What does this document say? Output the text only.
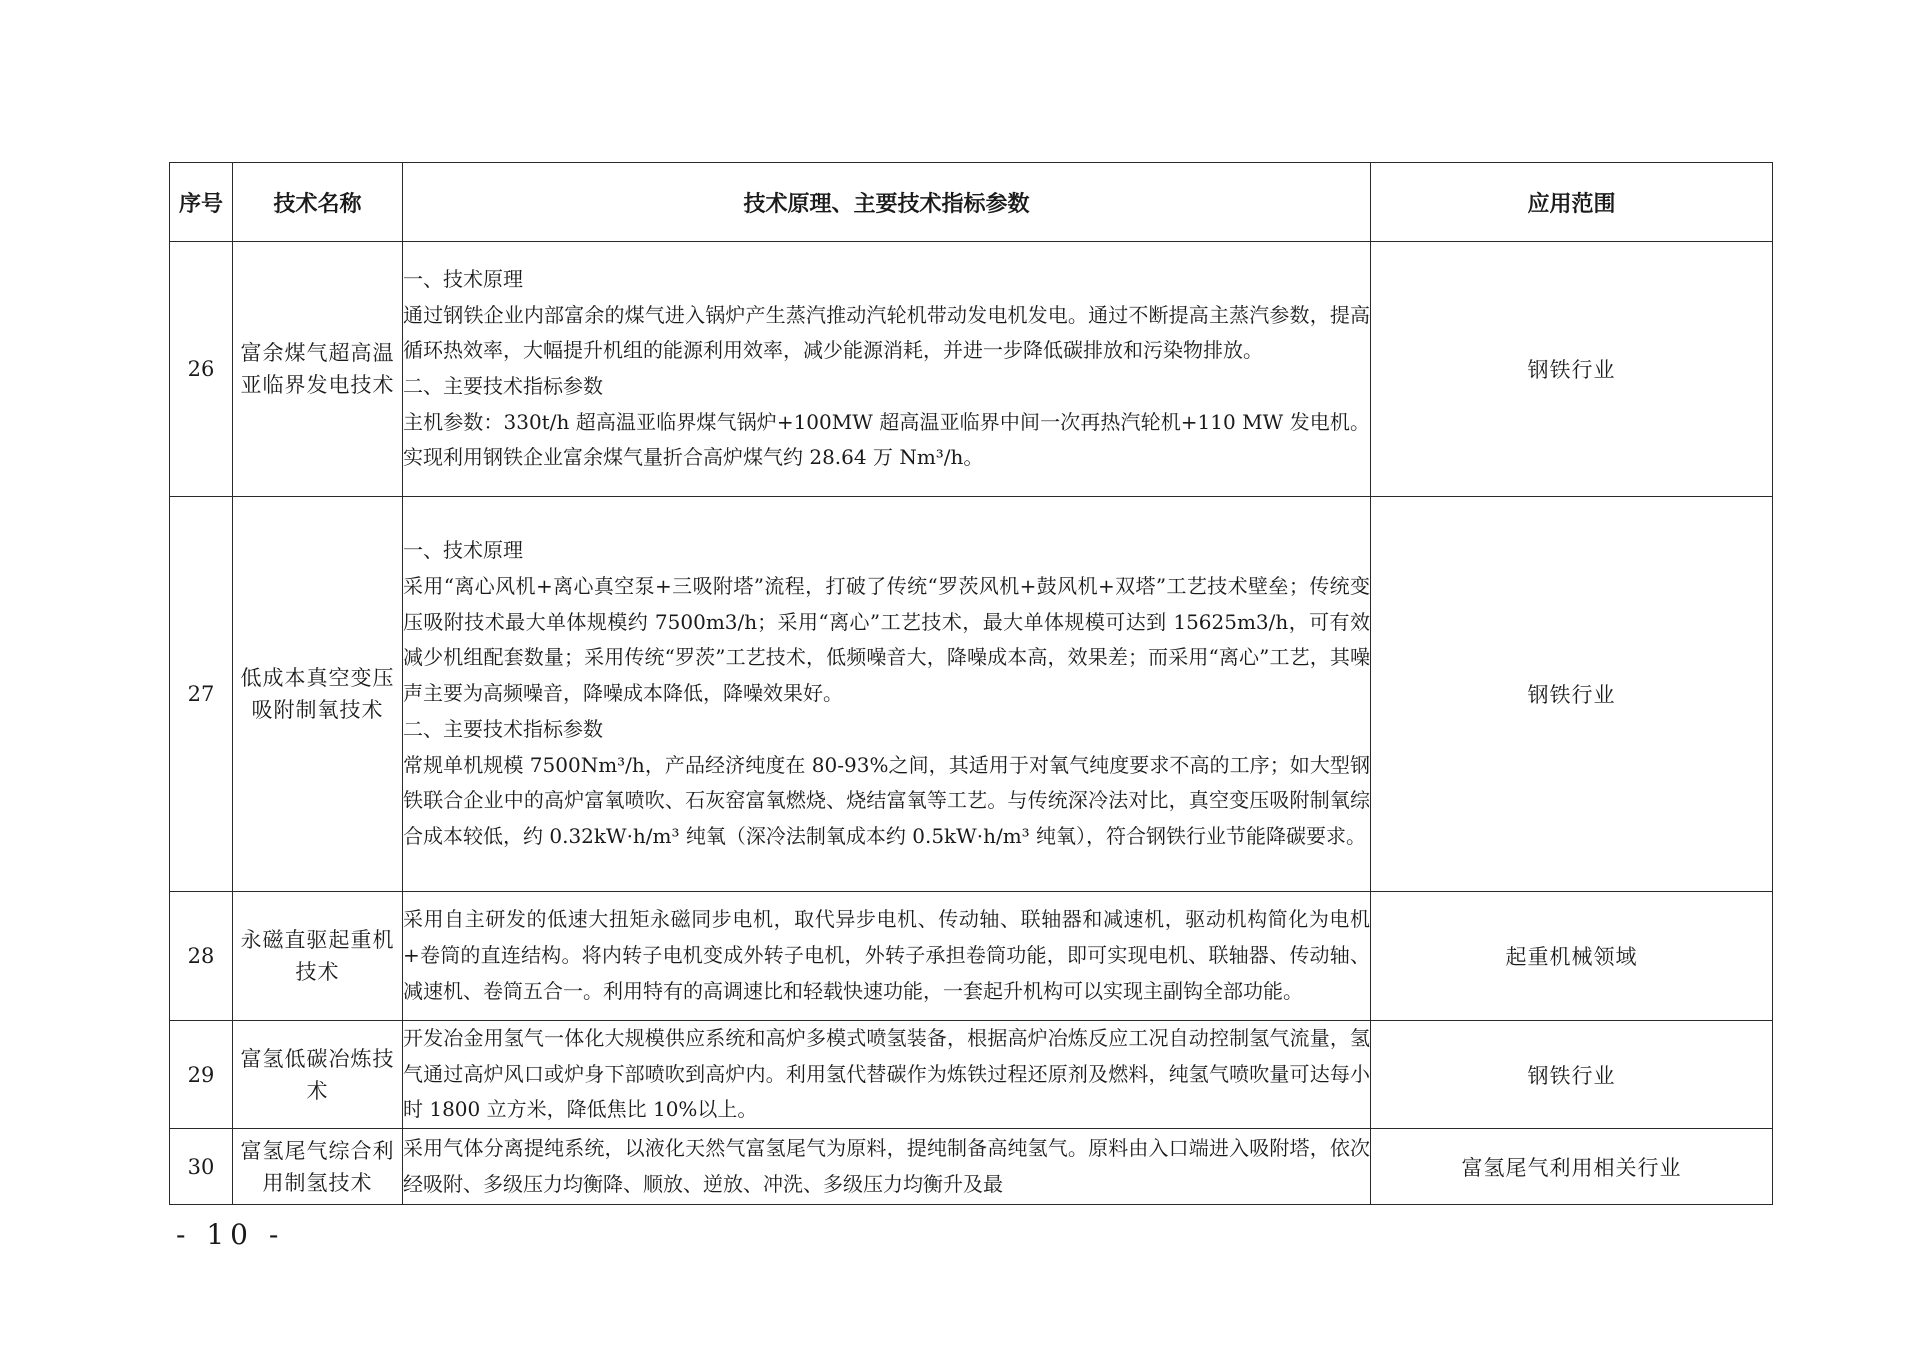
序号	技术名称	技术原理、主要技术指标参数	应用范围
26	富余煤气超高温亚临界发电技术	一、技术原理
通过钢铁企业内部富余的煤气进入锅炉产生蒸汽推动汽轮机带动发电机发电。通过不断提高主蒸汽参数，提高循环热效率，大幅提升机组的能源利用效率，减少能源消耗，并进一步降低碳排放和污染物排放。
二、主要技术指标参数
主机参数：330t/h 超高温亚临界煤气锅炉+100MW 超高温亚临界中间一次再热汽轮机+110 MW 发电机。实现利用钢铁企业富余煤气量折合高炉煤气约 28.64 万 Nm³/h。	钢铁行业
27	低成本真空变压吸附制氧技术	一、技术原理
采用“离心风机+离心真空泵+三吸附塔”流程，打破了传统“罗茨风机+鼓风机+双塔”工艺技术壁垒；传统变压吸附技术最大单体规模约 7500m3/h；采用“离心”工艺技术，最大单体规模可达到 15625m3/h，可有效减少机组配套数量；采用传统“罗茨”工艺技术，低频噪音大，降噪成本高，效果差；而采用“离心”工艺，其噪声主要为高频噪音，降噪成本降低，降噪效果好。
二、主要技术指标参数
常规单机规模 7500Nm³/h，产品经济纯度在 80-93%之间，其适用于对氧气纯度要求不高的工序；如大型钢铁联合企业中的高炉富氧喷吹、石灰窑富氧燃烧、烧结富氧等工艺。与传统深冷法对比，真空变压吸附制氧综合成本较低，约 0.32kW·h/m³ 纯氧（深冷法制氧成本约 0.5kW·h/m³ 纯氧），符合钢铁行业节能降碳要求。	钢铁行业
28	永磁直驱起重机技术	采用自主研发的低速大扭矩永磁同步电机，取代异步电机、传动轴、联轴器和减速机，驱动机构简化为电机+卷筒的直连结构。将内转子电机变成外转子电机，外转子承担卷筒功能，即可实现电机、联轴器、传动轴、减速机、卷筒五合一。利用特有的高调速比和轻载快速功能，一套起升机构可以实现主副钩全部功能。	起重机械领域
29	富氢低碳冶炼技术	开发冶金用氢气一体化大规模供应系统和高炉多模式喷氢装备，根据高炉冶炼反应工况自动控制氢气流量，氢气通过高炉风口或炉身下部喷吹到高炉内。利用氢代替碳作为炼铁过程还原剂及燃料，纯氢气喷吹量可达每小时 1800 立方米，降低焦比 10%以上。	钢铁行业
30	富氢尾气综合利用制氢技术	采用气体分离提纯系统，以液化天然气富氢尾气为原料，提纯制备高纯氢气。原料由入口端进入吸附塔，依次经吸附、多级压力均衡降、顺放、逆放、冲洗、多级压力均衡升及最	富氢尾气利用相关行业
- 10 -
